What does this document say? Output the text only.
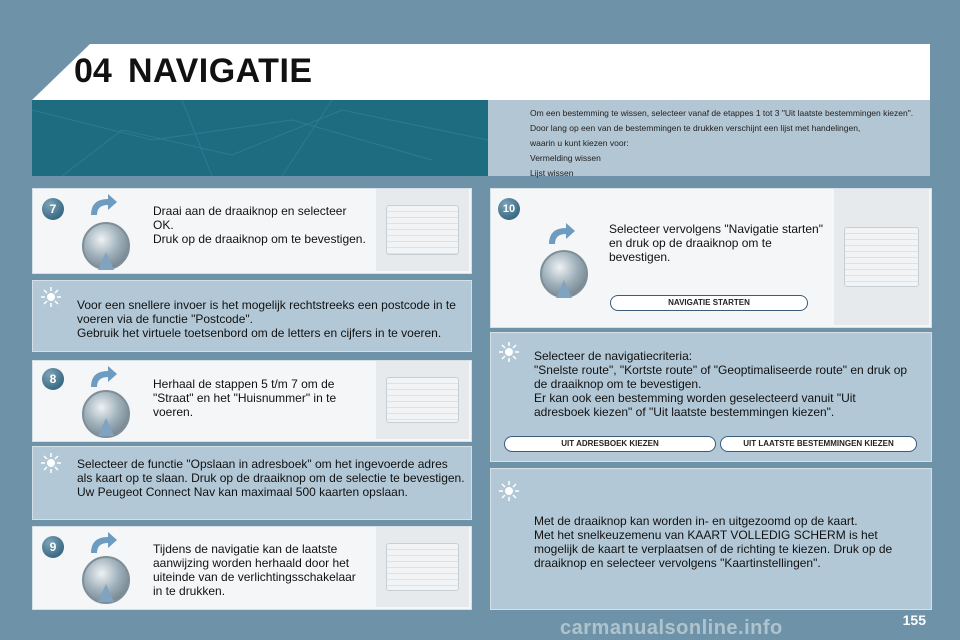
04 NAVIGATIE
Om een bestemming te wissen, selecteer vanaf de etappes 1 tot 3 "Uit laatste bestemmingen kiezen".
Door lang op een van de bestemmingen te drukken verschijnt een lijst met handelingen,
waarin u kunt kiezen voor:
Vermelding wissen
Lijst wissen
7	Draai aan de draaiknop en selecteer OK.
Druk op de draaiknop om te bevestigen.
Voor een snellere invoer is het mogelijk rechtstreeks een postcode in te voeren via de functie "Postcode".
Gebruik het virtuele toetsenbord om de letters en cijfers in te voeren.
8	Herhaal de stappen 5 t/m 7 om de "Straat" en het "Huisnummer" in te voeren.
Selecteer de functie "Opslaan in adresboek" om het ingevoerde adres als kaart op te slaan. Druk op de draaiknop om de selectie te bevestigen.
Uw Peugeot Connect Nav kan maximaal 500 kaarten opslaan.
9	Tijdens de navigatie kan de laatste aanwijzing worden herhaald door het uiteinde van de verlichtingsschakelaar in te drukken.
10
Selecteer vervolgens "Navigatie starten" en druk op de draaiknop om te bevestigen.
NAVIGATIE STARTEN
Selecteer de navigatiecriteria:
"Snelste route", "Kortste route" of "Geoptimaliseerde route" en druk op de draaiknop om te bevestigen.
Er kan ook een bestemming worden geselecteerd vanuit "Uit adresboek kiezen" of "Uit laatste bestemmingen kiezen".
UIT ADRESBOEK KIEZEN	UIT LAATSTE BESTEMMINGEN KIEZEN
Met de draaiknop kan worden in- en uitgezoomd op de kaart.
Met het snelkeuzemenu van KAART VOLLEDIG SCHERM is het mogelijk de kaart te verplaatsen of de richting te kiezen. Druk op de draaiknop en selecteer vervolgens "Kaartinstellingen".
carmanualsonline.info	155
